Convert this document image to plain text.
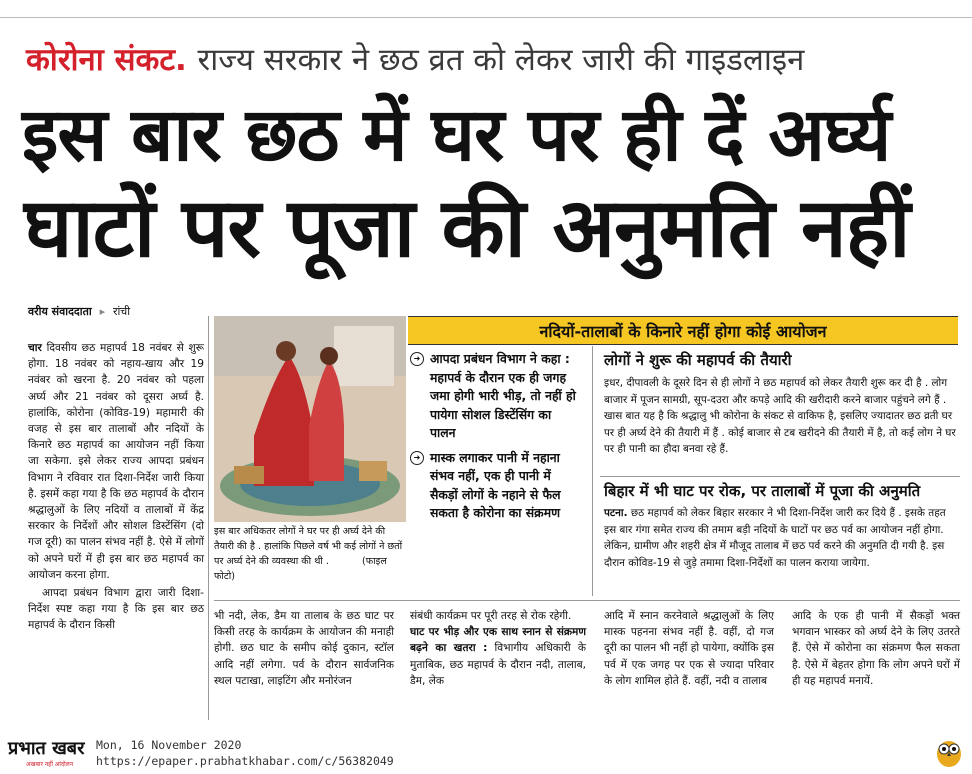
कोरोना संकट. राज्य सरकार ने छठ व्रत को लेकर जारी की गाइडलाइन
इस बार छठ में घर पर ही दें अर्घ्य
घाटों पर पूजा की अनुमति नहीं
वरीय संवाददाता ▸ रांची

चार दिवसीय छठ महापर्व 18 नवंबर से शुरू होगा. 18 नवंबर को नहाय-खाय और 19 नवंबर को खरना है. 20 नवंबर को पहला अर्घ्य और 21 नवंबर को दूसरा अर्घ्य है. हालांकि, कोरोना (कोविड-19) महामारी की वजह से इस बार तालाबों और नदियों के किनारे छठ महापर्व का आयोजन नहीं किया जा सकेगा. इसे लेकर राज्य आपदा प्रबंधन विभाग ने रविवार रात दिशा-निर्देश जारी किया है. इसमें कहा गया है कि छठ महापर्व के दौरान श्रद्धालुओं के लिए नदियों व तालाबों में केंद्र सरकार के निर्देशों और सोशल डिस्टेंसिंग (दो गज दूरी) का पालन संभव नहीं है. ऐसे में लोगों को अपने घरों में ही इस बार छठ महापर्व का आयोजन करना होगा.

आपदा प्रबंधन विभाग द्वारा जारी दिशा-निर्देश स्पष्ट कहा गया है कि इस बार छठ महापर्व के दौरान किसी

नदियों-तालाबों के किनारे नहीं होगा कोई आयोजन
इस बार अधिकतर लोगों ने घर पर ही अर्घ्य देने की तैयारी की है . हालांकि पिछले वर्ष भी कई लोगों ने छतों पर अर्घ्य देने की व्यवस्था की थी .	(फाइल फोटो)
➜ आपदा प्रबंधन विभाग ने कहा : महापर्व के दौरान एक ही जगह जमा होगी भारी भीड़, तो नहीं हो पायेगा सोशल डिस्टेंसिंग का पालन
➜ मास्क लगाकर पानी में नहाना संभव नहीं, एक ही पानी में सैकड़ों लोगों के नहाने से फैल सकता है कोरोना का संक्रमण
लोगों ने शुरू की महापर्व की तैयारी
इधर, दीपावली के दूसरे दिन से ही लोगों ने छठ महापर्व को लेकर तैयारी शुरू कर दी है . लोग बाजार में पूजन सामग्री, सूप-दउरा और कपड़े आदि की खरीदारी करने बाजार पहुंचने लगे हैं . खास बात यह है कि श्रद्धालु भी कोरोना के संकट से वाकिफ है, इसलिए ज्यादातर छठ व्रती घर पर ही अर्घ्य देने की तैयारी में हैं . कोई बाजार से टब खरीदने की तैयारी में है, तो कई लोग ने घर पर ही पानी का हौदा बनवा रहे हैं.
बिहार में भी घाट पर रोक, पर तालाबों में पूजा की अनुमति
पटना. छठ महापर्व को लेकर बिहार सरकार ने भी दिशा-निर्देश जारी कर दिये हैं . इसके तहत इस बार गंगा समेत राज्य की तमाम बड़ी नदियों के घाटों पर छठ पर्व का आयोजन नहीं होगा. लेकिन, ग्रामीण और शहरी क्षेत्र में मौजूद तालाब में छठ पर्व करने की अनुमति दी गयी है. इस दौरान कोविड-19 से जुड़े तमामा दिशा-निर्देशों का पालन कराया जायेगा.
भी नदी, लेक, डैम या तालाब के छठ घाट पर किसी तरह के कार्यक्रम के आयोजन की मनाही होगी. छठ घाट के समीप कोई दुकान, स्टॉल आदि नहीं लगेगा. पर्व के दौरान सार्वजनिक स्थल पटाखा, लाइटिंग और मनोरंजन

संबंधी कार्यक्रम पर पूरी तरह से रोक रहेगी.

घाट पर भीड़ और एक साथ स्नान से संक्रमण बढ़ने का खतरा : विभागीय अधिकारी के मुताबिक, छठ महापर्व के दौरान नदी, तालाब, डैम, लेक

आदि में स्नान करनेवाले श्रद्धालुओं के लिए मास्क पहनना संभव नहीं है. वहीं, दो गज दूरी का पालन भी नहीं हो पायेगा, क्योंकि इस पर्व में एक जगह पर एक से ज्यादा परिवार के लोग शामिल होते हैं. वहीं, नदी व तालाब
आदि के एक ही पानी में सैकड़ों भक्त भगवान भास्कर को अर्घ्य देने के लिए उतरते हैं. ऐसे में कोरोना का संक्रमण फैल सकता है. ऐसे में बेहतर होगा कि लोग अपने घरों में ही यह महापर्व मनायें.
प्रभात खबर
अखबार नहीं आंदोलन
Mon, 16 November 2020
https://epaper.prabhatkhabar.com/c/56382049
